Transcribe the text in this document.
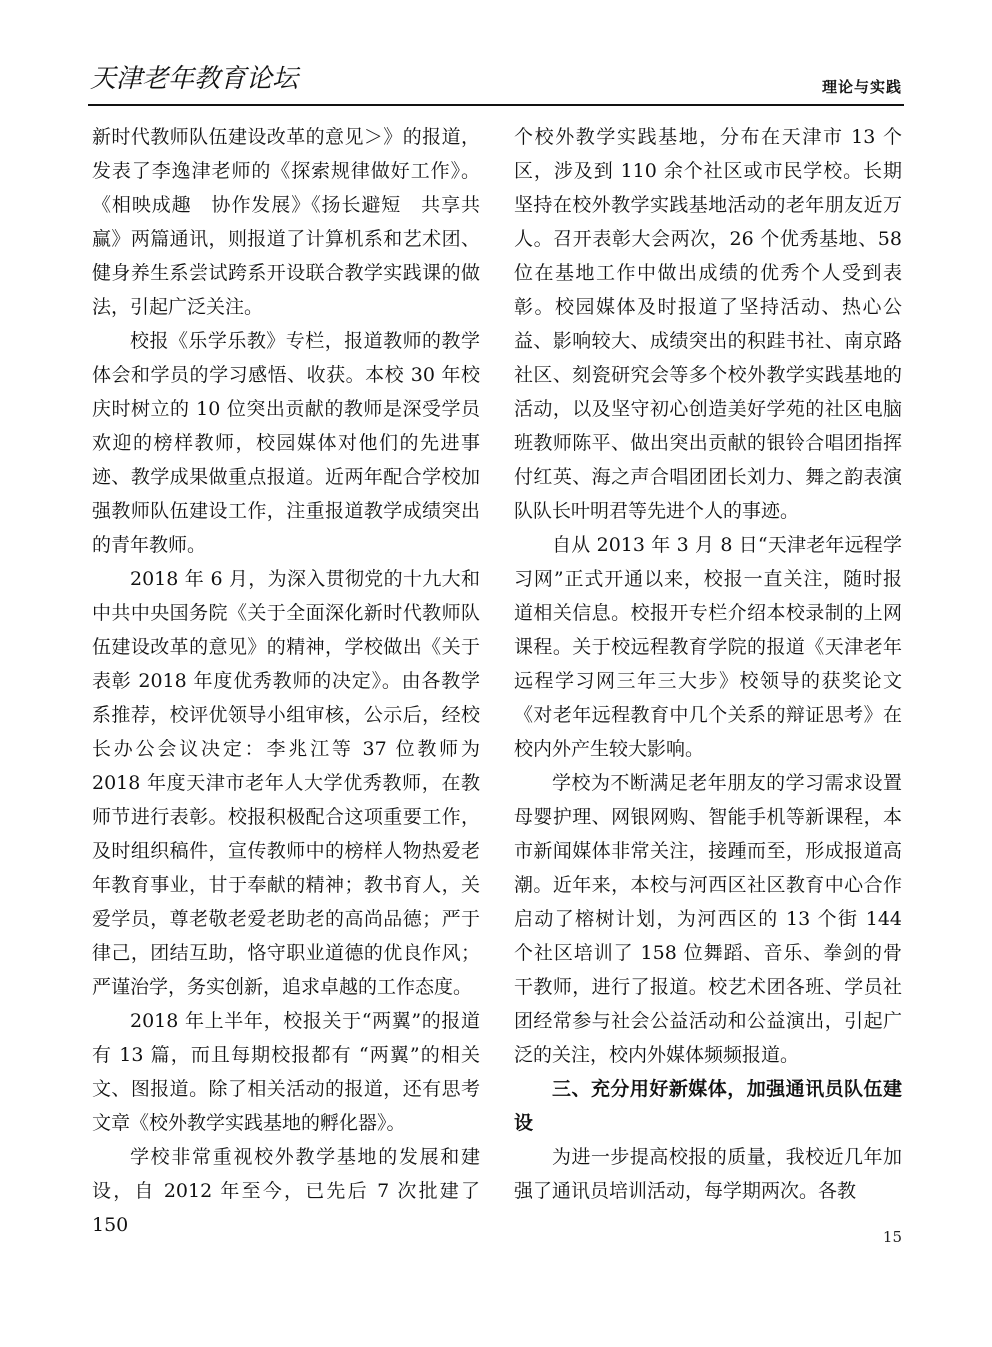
天津老年教育论坛	理论与实践

新时代教师队伍建设改革的意见＞》的报道，发表了李逸津老师的《探索规律做好工作》。《相映成趣　协作发展》《扬长避短　共享共赢》两篇通讯，则报道了计算机系和艺术团、健身养生系尝试跨系开设联合教学实践课的做法，引起广泛关注。

校报《乐学乐教》专栏，报道教师的教学体会和学员的学习感悟、收获。本校 30 年校庆时树立的 10 位突出贡献的教师是深受学员欢迎的榜样教师，校园媒体对他们的先进事迹、教学成果做重点报道。近两年配合学校加强教师队伍建设工作，注重报道教学成绩突出的青年教师。

2018 年 6 月，为深入贯彻党的十九大和中共中央国务院《关于全面深化新时代教师队伍建设改革的意见》的精神，学校做出《关于表彰 2018 年度优秀教师的决定》。由各教学系推荐，校评优领导小组审核，公示后，经校长办公会议决定：李兆江等 37 位教师为 2018 年度天津市老年人大学优秀教师，在教师节进行表彰。校报积极配合这项重要工作，及时组织稿件，宣传教师中的榜样人物热爱老年教育事业，甘于奉献的精神；教书育人，关爱学员，尊老敬老爱老助老的高尚品德；严于律己，团结互助，恪守职业道德的优良作风；严谨治学，务实创新，追求卓越的工作态度。

2018 年上半年，校报关于“两翼”的报道有 13 篇，而且每期校报都有 “两翼”的相关文、图报道。除了相关活动的报道，还有思考文章《校外教学实践基地的孵化器》。

学校非常重视校外教学基地的发展和建设，自 2012 年至今，已先后 7 次批建了 150

个校外教学实践基地，分布在天津市 13 个区，涉及到 110 余个社区或市民学校。长期坚持在校外教学实践基地活动的老年朋友近万人。召开表彰大会两次，26 个优秀基地、58 位在基地工作中做出成绩的优秀个人受到表彰。校园媒体及时报道了坚持活动、热心公益、影响较大、成绩突出的积跬书社、南京路社区、刻瓷研究会等多个校外教学实践基地的活动，以及坚守初心创造美好学苑的社区电脑班教师陈平、做出突出贡献的银铃合唱团指挥付红英、海之声合唱团团长刘力、舞之韵表演队队长叶明君等先进个人的事迹。

自从 2013 年 3 月 8 日“天津老年远程学习网”正式开通以来，校报一直关注，随时报道相关信息。校报开专栏介绍本校录制的上网课程。关于校远程教育学院的报道《天津老年远程学习网三年三大步》校领导的获奖论文《对老年远程教育中几个关系的辩证思考》在校内外产生较大影响。

学校为不断满足老年朋友的学习需求设置母婴护理、网银网购、智能手机等新课程，本市新闻媒体非常关注，接踵而至，形成报道高潮。近年来，本校与河西区社区教育中心合作启动了榕树计划，为河西区的 13 个街 144 个社区培训了 158 位舞蹈、音乐、拳剑的骨干教师，进行了报道。校艺术团各班、学员社团经常参与社会公益活动和公益演出，引起广泛的关注，校内外媒体频频报道。

三、充分用好新媒体，加强通讯员队伍建设

为进一步提高校报的质量，我校近几年加强了通讯员培训活动，每学期两次。各教

15
